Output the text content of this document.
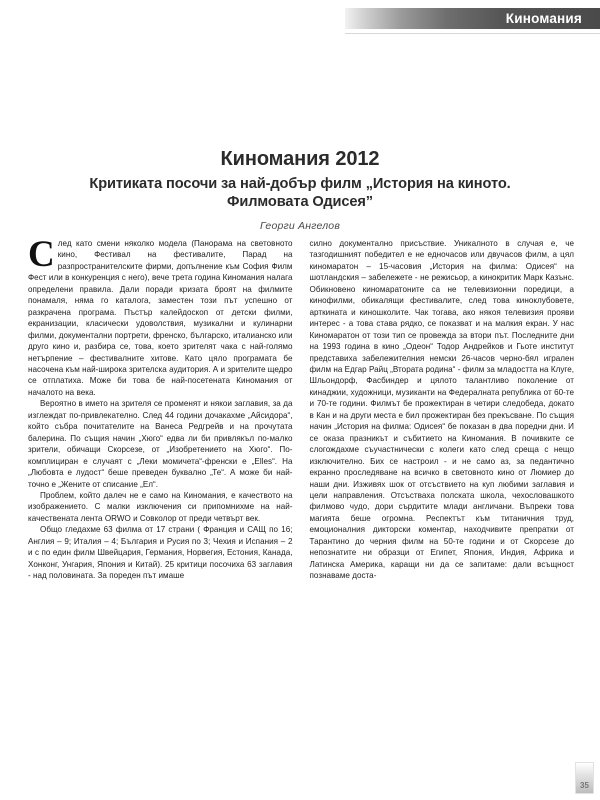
Киномания
Киномания 2012
Критиката посочи за най-добър филм „История на киното.
Филмовата Одисея”
Георги Ангелов

След като смени няколко модела (Панорама на световното кино, Фестивал на фестивалите, Парад на разпространителските фирми, допълнение към София Филм Фест или в конкуренция с него), вече трета година Киномания налага определени правила. Дали поради кризата броят на филмите понамаля, няма го каталога, заместен този път успешно от разкрачена програма. Пъстър калейдоскоп от детски филми, екранизации, класически удоволствия, музикални и кулинарни филми, документални портрети, френско, българско, италианско или друго кино и, разбира се, това, което зрителят чака с най-голямо нетърпение – фестивалните хитове. Като цяло програмата бе насочена към най-широка зрителска аудитория. А и зрителите щедро се отплатиха. Може би това бе най-посетената Киномания от началото на века.

Вероятно в името на зрителя се променят и някои заглавия, за да изглеждат по-привлекателно. След 44 години дочакахме „Айсидора“, който събра почитателите на Ванеса Редгрейв и на прочутата балерина. По същия начин „Хюго“ едва ли би привлякъл по-малко зрители, обичащи Скорсезе, от „Изобретението на Хюго“. По-комплициран е случаят с „Леки момичета“-френски е „Elles“. На „Любовта е лудост“ беше преведен буквално „Те“. А може би най-точно е „Жените от списание „Ел“.

Проблем, който далеч не е само на Киномания, е качеството на изображението. С малки изключения си припомнихме на най-качествената лента ORWO и Совколор от преди четвърт век.

Общо гледахме 63 филма от 17 страни ( Франция и САЩ по 16; Англия – 9; Италия – 4; България и Русия по 3; Чехия и Испания – 2 и с по един филм Швейцария, Германия, Норвегия, Естония, Канада, Хонконг, Унгария, Япония и Китай). 25 критици посочиха 63 заглавия - над половината. За пореден път имаше

силно документално присъствие. Уникалното в случая е, че тазгодишният победител е не едночасов или двучасов филм, а цял киномаратон – 15-часовия „История на филма: Одисея“ на шотландския – забележете - не режисьор, а кинокритик Марк Казънс. Обикновено киномаратоните са не телевизионни поредици, а кинофилми, обикалящи фестивалите, след това киноклубовете, арткината и киношколите. Чак тогава, ако някоя телевизия прояви интерес - а това става рядко, се показват и на малкия екран. У нас Киномаратон от този тип се провежда за втори път. Последните дни на 1993 година в кино „Одеон“ Тодор Андрейков и Гьоте институт представиха забележителния немски 26-часов черно-бял игрален филм на Едгар Райц „Втората родина“ - филм за младостта на Клуге, Шльондорф, Фасбиндер и цялото талантливо поколение от кинаджии, художници, музиканти на Федералната република от 60-те и 70-те години. Филмът бе прожектиран в четири следобеда, докато в Кан и на други места е бил прожектиран без прекъсване. По същия начин „История на филма: Одисея“ бе показан в два поредни дни. И се оказа празникът и събитието на Киномания. В почивките се слогождахме съучастнически с колеги като след среща с нещо изключително. Бих се настроил - и не само аз, за педантично екранно проследяване на всичко в световното кино от Люмиер до наши дни. Изживях шок от отсъствието на куп любими заглавия и цели направления. Отсъстваха полската школа, чехословашкото филмово чудо, дори сърдитите млади англичани. Въпреки това магията беше огромна. Респектът към титаничния труд, емоционалния дикторски коментар, находчивите препратки от Тарантино до черния филм на 50-те години и от Скорсезе до непознатите ни образци от Египет, Япония, Индия, Африка и Латинска Америка, каращи ни да се запитаме: дали всъщност познаваме доста-

35
